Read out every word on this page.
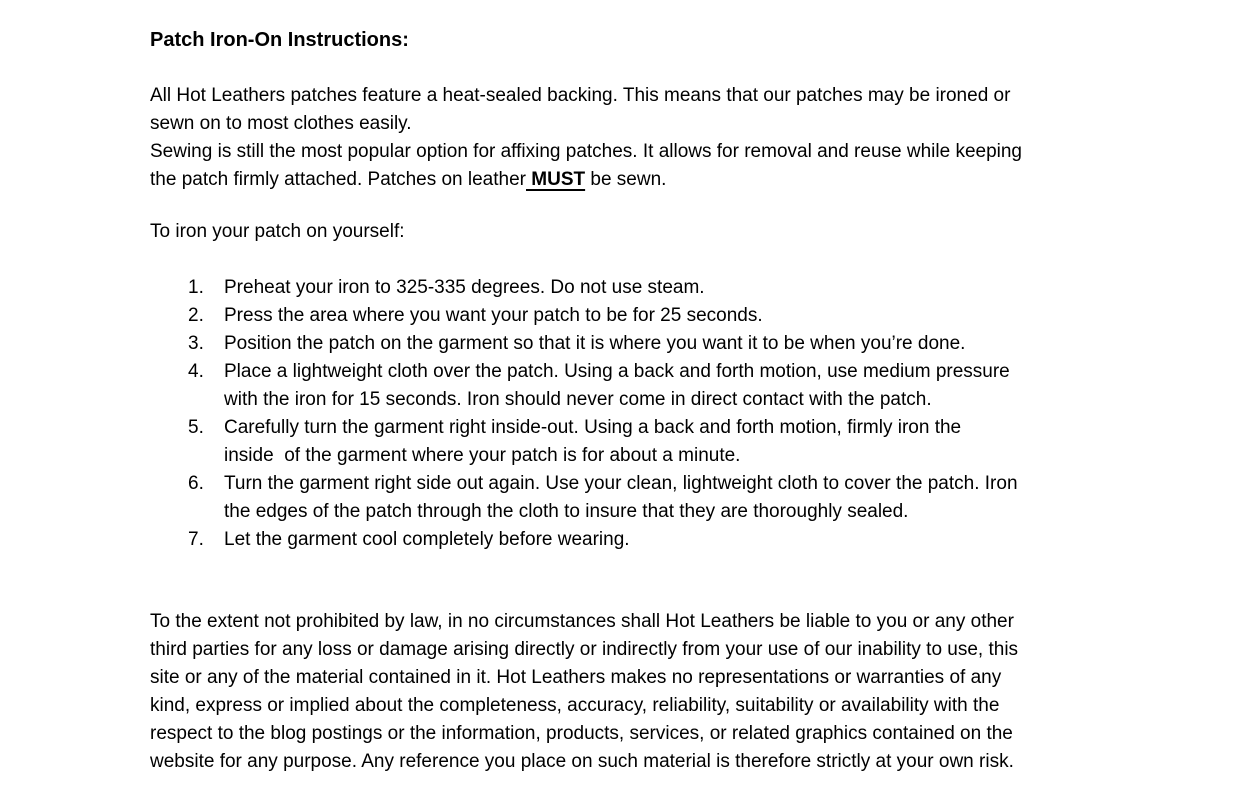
Patch Iron-On Instructions:
All Hot Leathers patches feature a heat-sealed backing. This means that our patches may be ironed or
sewn on to most clothes easily.
Sewing is still the most popular option for affixing patches. It allows for removal and reuse while keeping
the patch firmly attached. Patches on leather MUST be sewn.
To iron your patch on yourself:
1.	Preheat your iron to 325-335 degrees. Do not use steam.
2.	Press the area where you want your patch to be for 25 seconds.
3.	Position the patch on the garment so that it is where you want it to be when you’re done.
4.	Place a lightweight cloth over the patch. Using a back and forth motion, use medium pressure
with the iron for 15 seconds. Iron should never come in direct contact with the patch.
5.	Carefully turn the garment right inside-out. Using a back and forth motion, firmly iron the
inside  of the garment where your patch is for about a minute.
6.	Turn the garment right side out again. Use your clean, lightweight cloth to cover the patch. Iron
the edges of the patch through the cloth to insure that they are thoroughly sealed.
7.	Let the garment cool completely before wearing.
To the extent not prohibited by law, in no circumstances shall Hot Leathers be liable to you or any other
third parties for any loss or damage arising directly or indirectly from your use of our inability to use, this
site or any of the material contained in it. Hot Leathers makes no representations or warranties of any
kind, express or implied about the completeness, accuracy, reliability, suitability or availability with the
respect to the blog postings or the information, products, services, or related graphics contained on the
website for any purpose. Any reference you place on such material is therefore strictly at your own risk.
